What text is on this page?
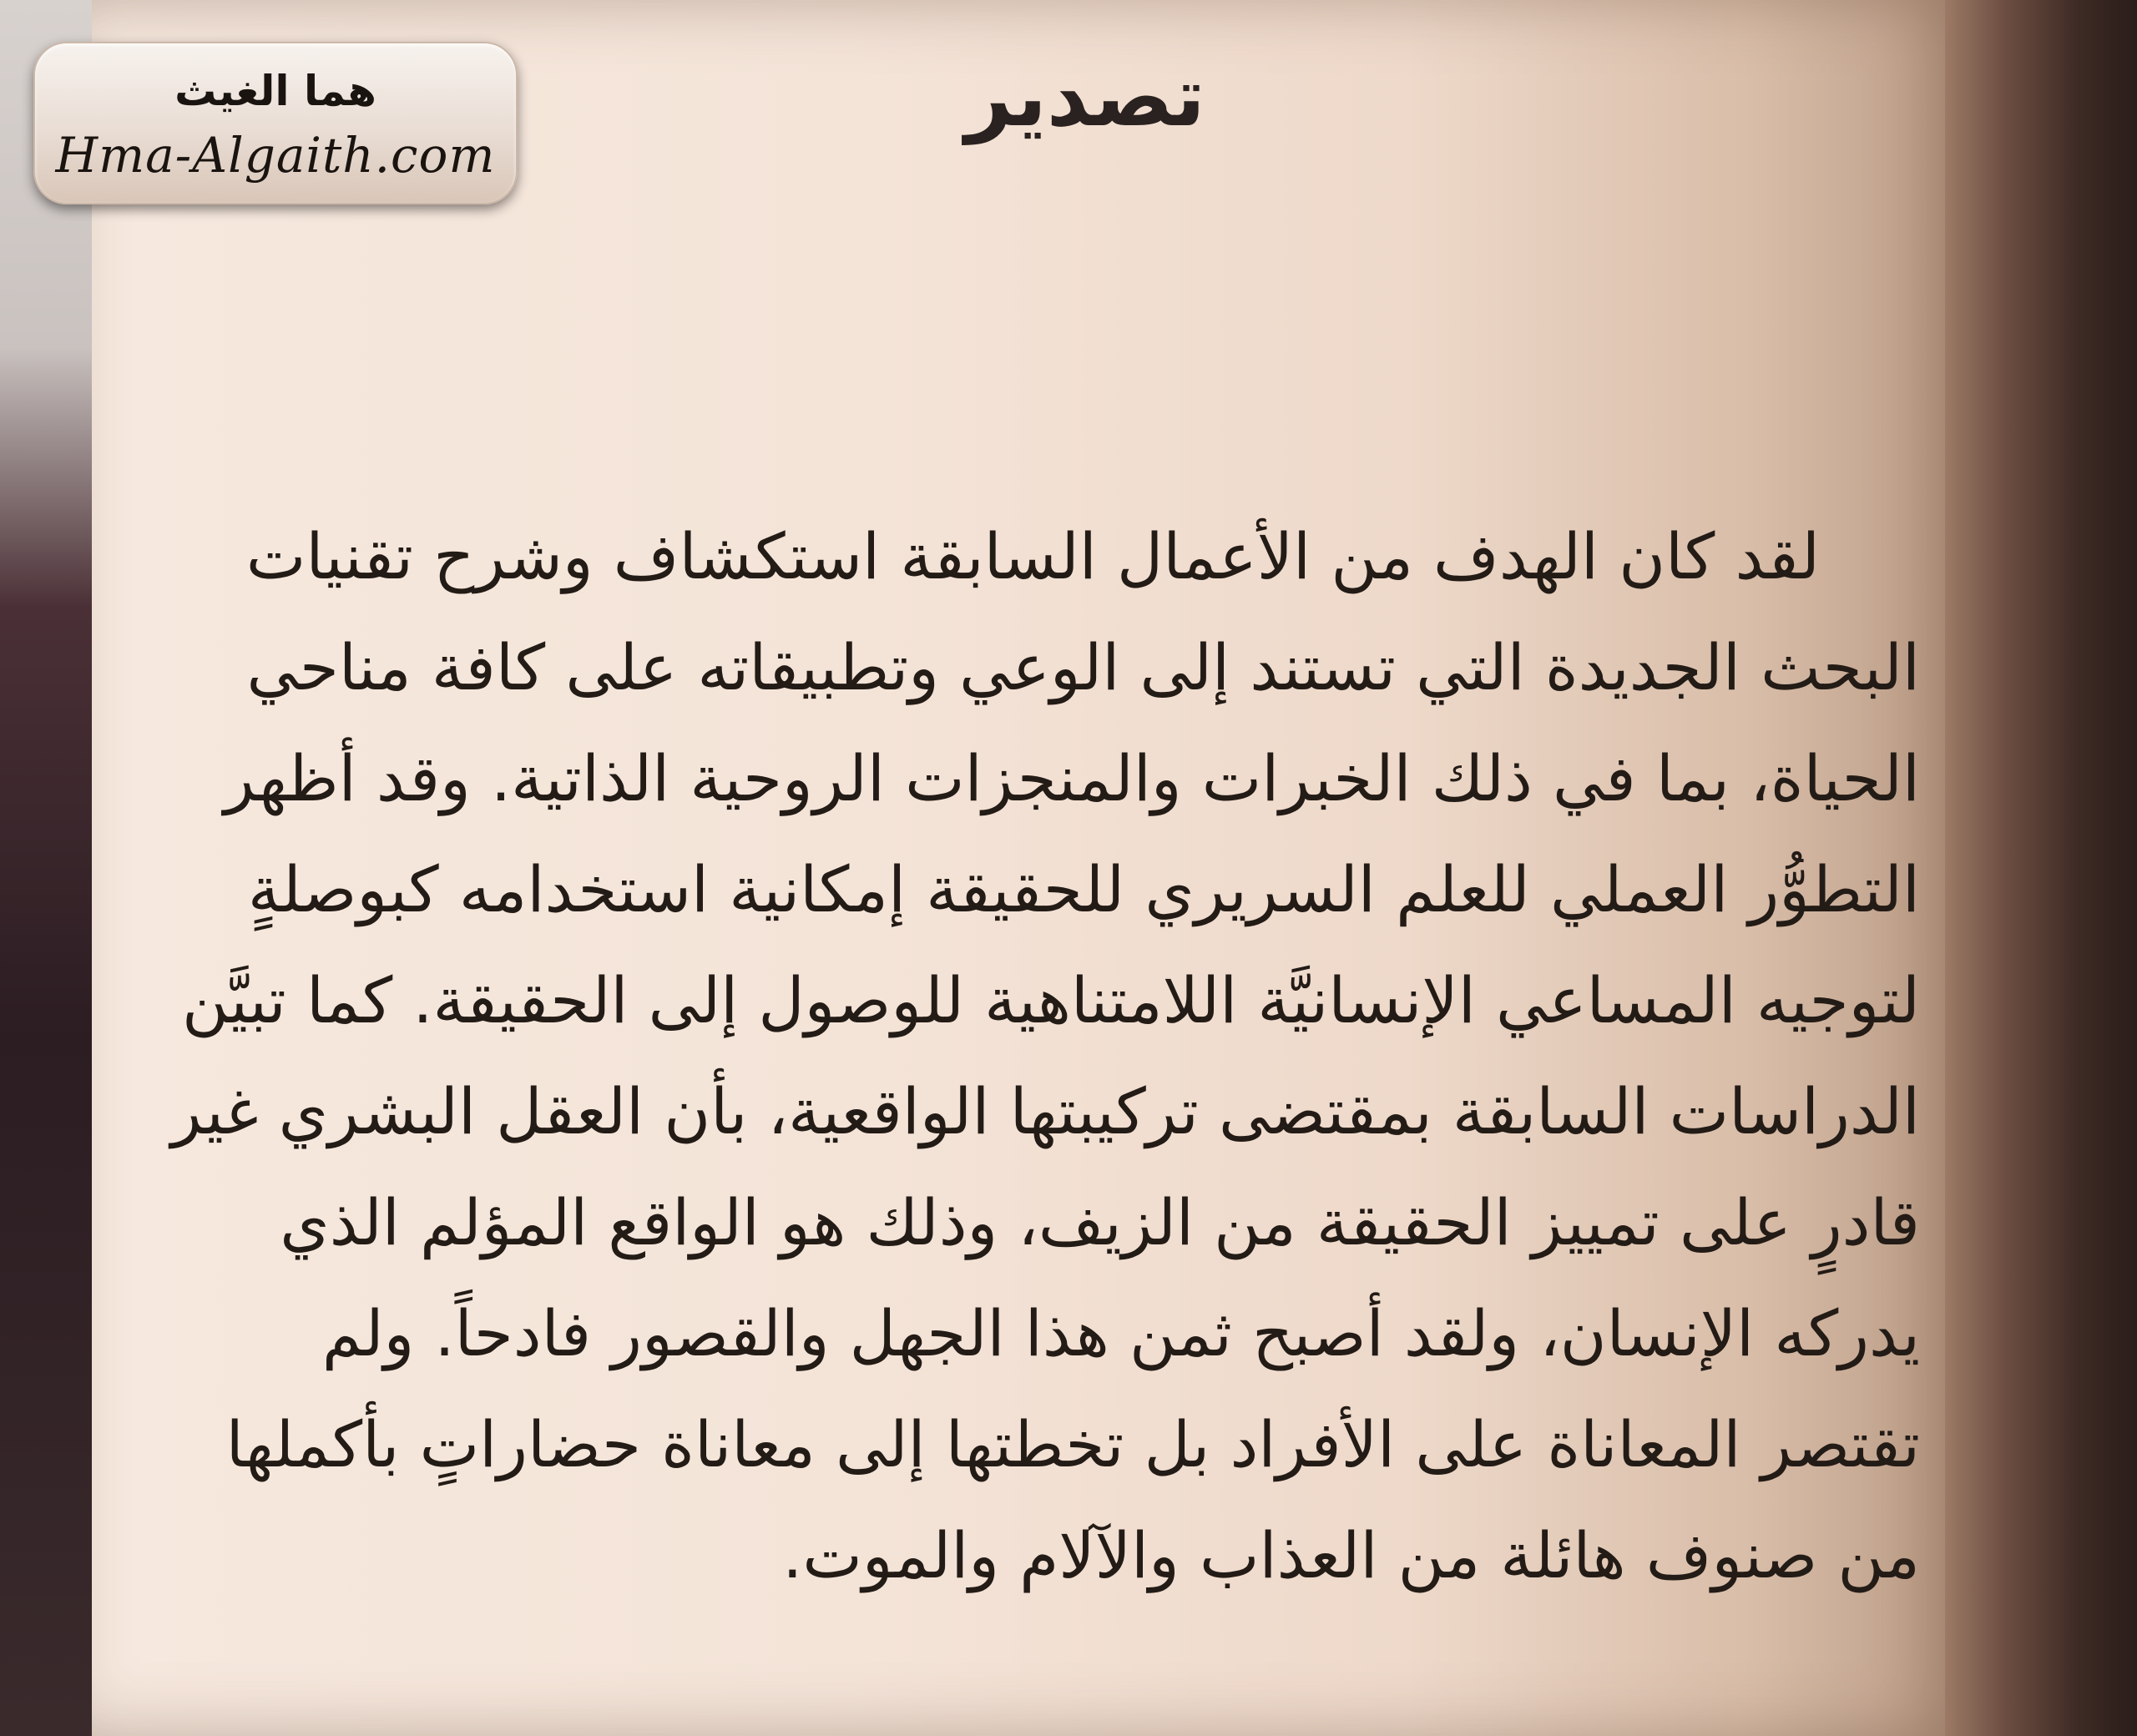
هما الغيث
Hma-Algaith.com
تصدير
لقد كان الهدف من الأعمال السابقة استكشاف وشرح تقنيات
البحث الجديدة التي تستند إلى الوعي وتطبيقاته على كافة مناحي
الحياة، بما في ذلك الخبرات والمنجزات الروحية الذاتية. وقد أظهر
التطوُّر العملي للعلم السريري للحقيقة إمكانية استخدامه كبوصلةٍ
لتوجيه المساعي الإنسانيَّة اللامتناهية للوصول إلى الحقيقة. كما تبيَّن
الدراسات السابقة بمقتضى تركيبتها الواقعية، بأن العقل البشري غير
قادرٍ على تمييز الحقيقة من الزيف، وذلك هو الواقع المؤلم الذي
يدركه الإنسان، ولقد أصبح ثمن هذا الجهل والقصور فادحاً. ولم
تقتصر المعاناة على الأفراد بل تخطتها إلى معاناة حضاراتٍ بأكملها
من صنوف هائلة من العذاب والآلام والموت.
